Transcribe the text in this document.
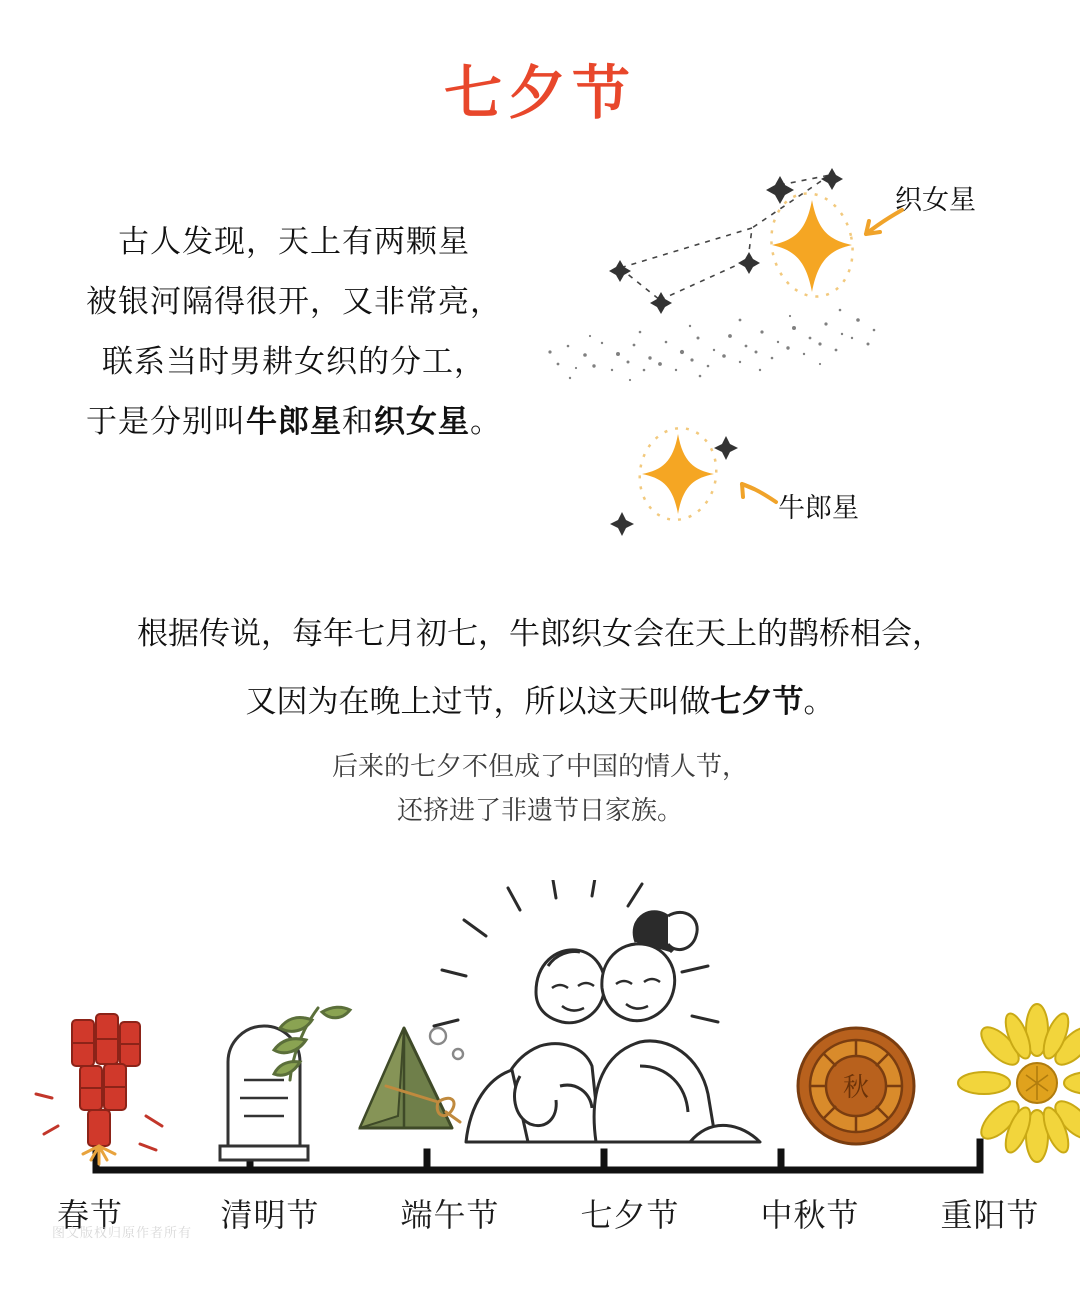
七夕节
古人发现，天上有两颗星
被银河隔得很开，又非常亮，
联系当时男耕女织的分工，
于是分别叫牛郎星和织女星。
织女星
牛郎星
根据传说，每年七月初七，牛郎织女会在天上的鹊桥相会，
又因为在晚上过节，所以这天叫做七夕节。
后来的七夕不但成了中国的情人节，
还挤进了非遗节日家族。
秋
春节	清明节	端午节	七夕节	中秋节	重阳节
图文版权归原作者所有
